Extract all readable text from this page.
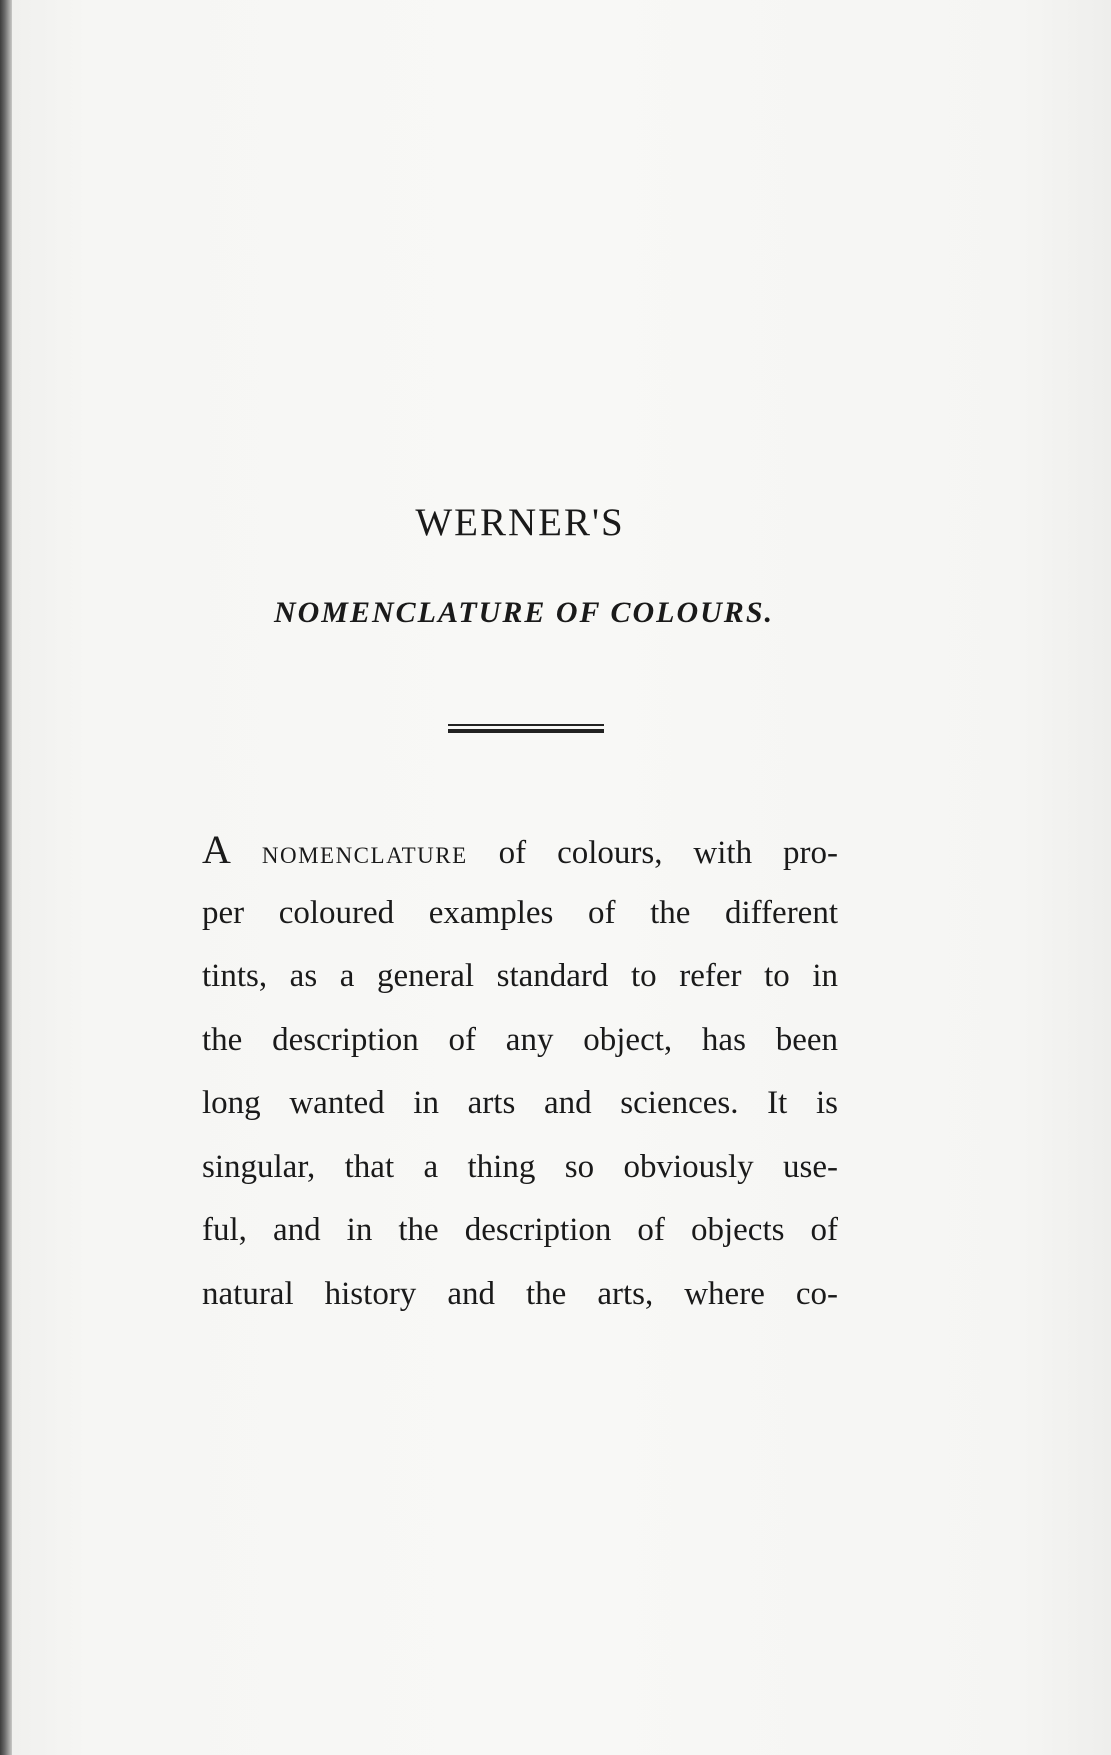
WERNER'S
NOMENCLATURE OF COLOURS.
A nomenclature of colours, with pro-
per coloured examples of the different
tints, as a general standard to refer to in
the description of any object, has been
long wanted in arts and sciences. It is
singular, that a thing so obviously use-
ful, and in the description of objects of
natural history and the arts, where co-
